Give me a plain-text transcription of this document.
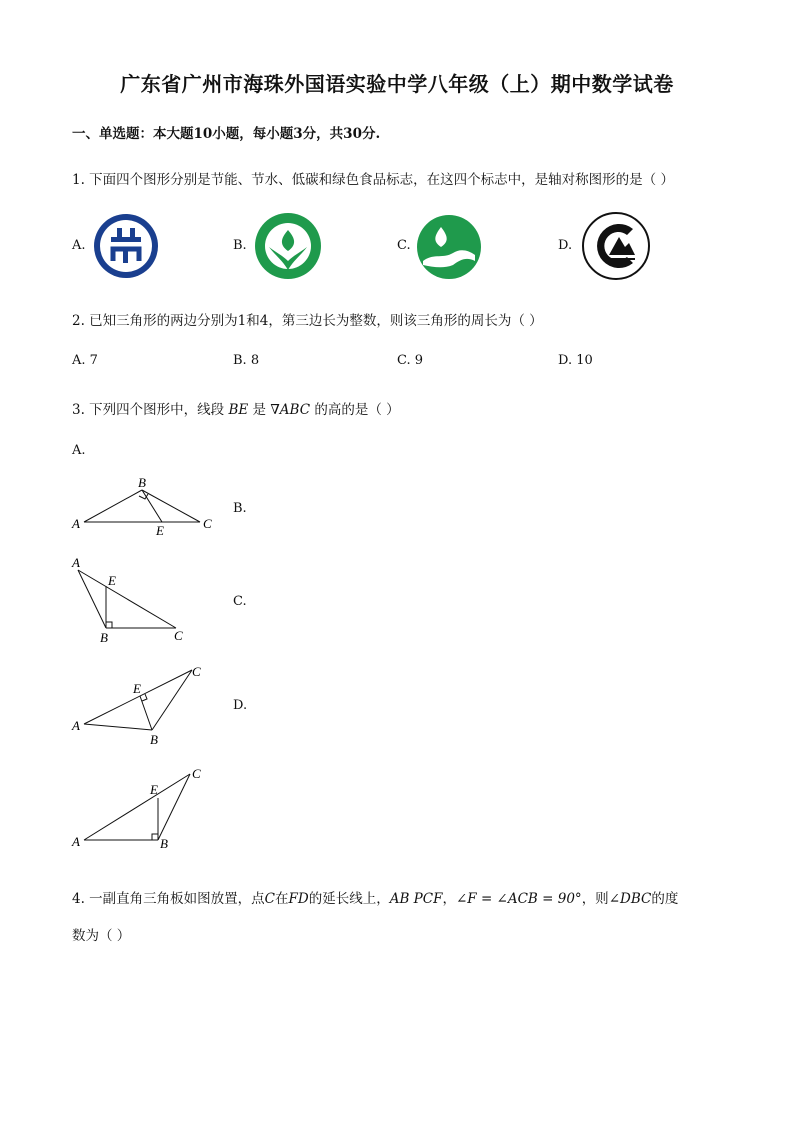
广东省广州市海珠外国语实验中学八年级（上）期中数学试卷
一、单选题：本大题10小题，每小题3分，共30分.
1. 下面四个图形分别是节能、节水、低碳和绿色食品标志，在这四个标志中，是轴对称图形的是（ ）
A.	B.	C.	D.
2. 已知三角形的两边分别为1和4，第三边长为整数，则该三角形的周长为（ ）
A. 7	B. 8	C. 9	D. 10
3. 下列四个图形中，线段 BE 是 ∇ABC 的高的是（ ）
A.
A
B
C
E
B.
A
E
B	C
C.
A
E
B
C
D.
A
E
B
C
4. 一副直角三角板如图放置，点C在FD的延长线上，AB PCF，∠F = ∠ACB = 90°，则∠DBC的度
数为（ ）
